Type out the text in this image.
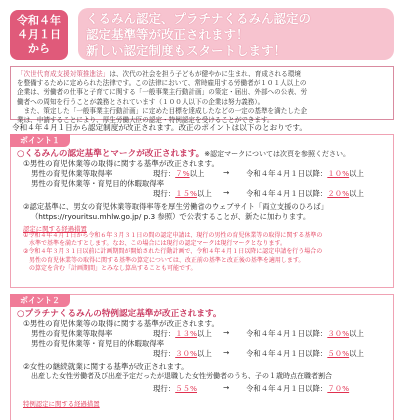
令和４年
４月１日
から
くるみん認定、プラチナくるみん認定の
認定基準等が改正されます！
新しい認定制度もスタートします！
「次世代育成支援対策推進法」は、次代の社会を担う子どもが健やかに生まれ、育成される環境
を整備するために定められた法律です。この法律において、常時雇用する労働者が１０１人以上の
企業は、労働者の仕事と子育てに関する「一般事業主行動計画」の策定・届出、外部への公表、労
働者への周知を行うことが義務とされています（１００人以下の企業は努力義務）。
　また、策定した「一般事業主行動計画」に定めた目標を達成したなどの一定の基準を満たした企
業は、申請することにより、厚生労働大臣の認定・特例認定を受けることができます。
令和４年４月１日から認定制度が改正されます。改正のポイントは以下のとおりです。
ポイント１
○くるみんの認定基準とマークが改正されます。※認定マークについては次頁を参照ください。
①男性の育児休業等の取得に関する基準が改正されます。
男性の育児休業等取得率	現行：７%以上	→ 令和４年４月１日以降：１０%以上
男性の育児休業等・育児目的休暇取得率
現行：１５%以上 → 令和４年４月１日以降：２０%以上
②認定基準に、男女の育児休業等取得率等を厚生労働省のウェブサイト「両立支援のひろば」
（https://ryouritsu.mhlw.go.jp/ p.3 参照）で公表することが、新たに加わります。
認定に関する経過措置
①令和４年４月１日から令和６年３月３１日の間の認定申請は、現行の男性の育児休業等の取得に関する基準の
　水準で基準を満たすとします。なお、この場合には現行の認定マークは現行マークとなります。
②令和４年３月３１日以前に計画期間が開始された行動計画で、令和４年４月１日以降に認定申請を行う場合の
　男性の育児休業等の取得に関する基準の算定については、改正前の基準と改正後の基準を適用します。
　の算定を含む「計画期間」とみなし算出することも可能です。
ポイント２
○プラチナくるみんの特例認定基準が改正されます。
①男性の育児休業等の取得に関する基準が改正されます。
男性の育児休業等取得率	現行：１３%以上 → 令和４年４月１日以降：３０%以上
男性の育児休業等・育児目的休暇取得率
現行：３０%以上 → 令和４年４月１日以降：５０%以上
②女性の継続就業に関する基準が改正されます。
出産した女性労働者及び出産予定だったが退職した女性労働者のうち、子の１歳時点在職者割合
現行：５５%	→ 令和４年４月１日以降：７０%
特例認定に関する経過措置
